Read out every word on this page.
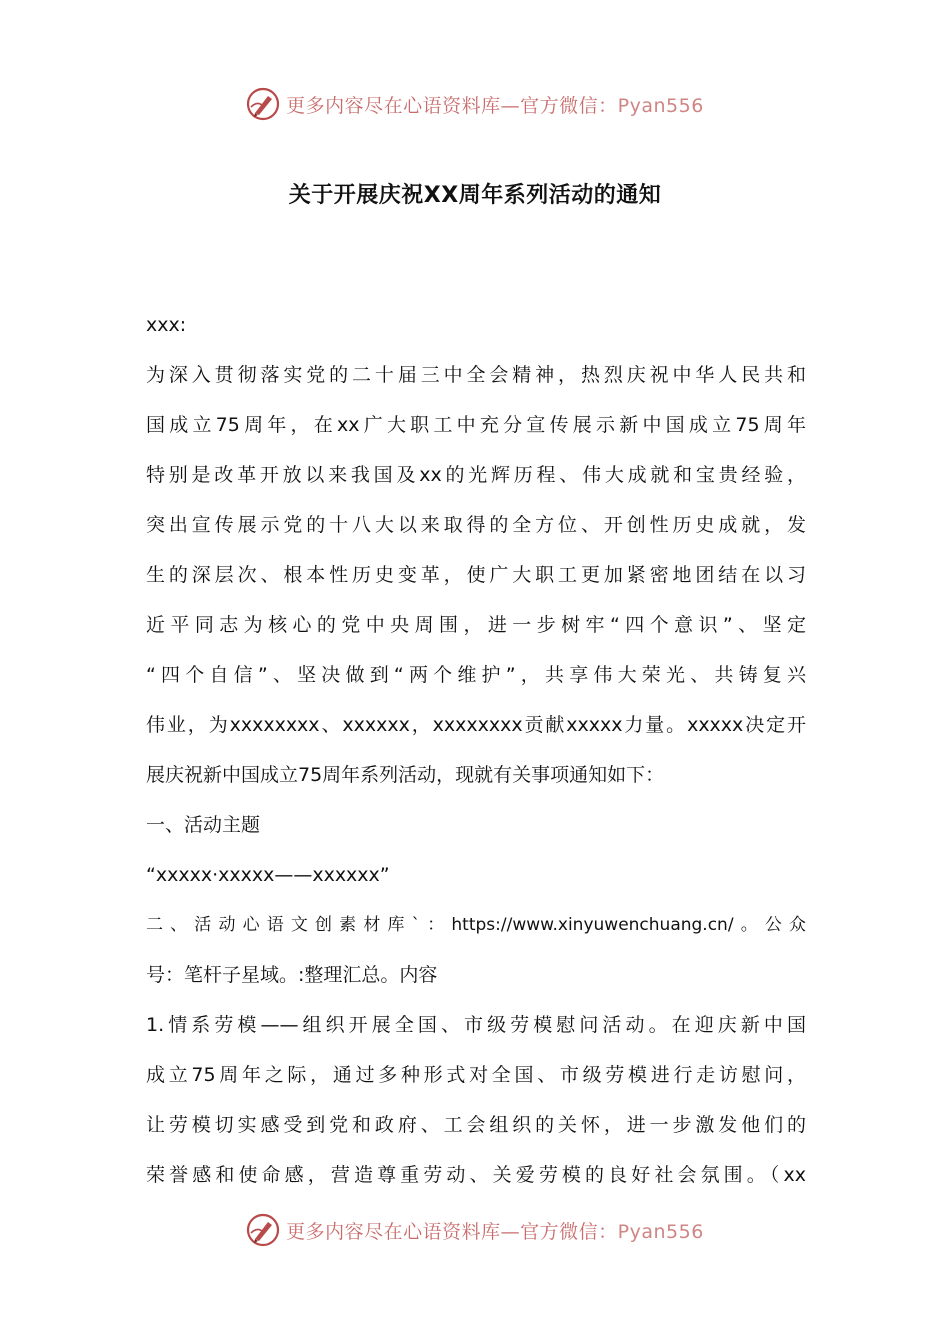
更多内容尽在心语资料库—官方微信：Pyan556
关于开展庆祝XX周年系列活动的通知
xxx:
为深入贯彻落实党的二十届三中全会精神，热烈庆祝中华人民共和
国成立75周年，在xx广大职工中充分宣传展示新中国成立75周年
特别是改革开放以来我国及xx的光辉历程、伟大成就和宝贵经验，
突出宣传展示党的十八大以来取得的全方位、开创性历史成就，发
生的深层次、根本性历史变革，使广大职工更加紧密地团结在以习
近平同志为核心的党中央周围，进一步树牢“四个意识”、坚定
“四个自信”、坚决做到“两个维护”，共享伟大荣光、共铸复兴
伟业，为xxxxxxxx、xxxxxx，xxxxxxxx贡献xxxxx力量。xxxxx决定开
展庆祝新中国成立75周年系列活动，现就有关事项通知如下：
一、活动主题
“xxxxx·xxxxx——xxxxxx”
二、活动心语文创素材库`：https://www.xinyuwenchuang.cn/。公众
号：笔杆子星域。:整理汇总。内容
1.情系劳模——组织开展全国、市级劳模慰问活动。在迎庆新中国
成立75周年之际，通过多种形式对全国、市级劳模进行走访慰问，
让劳模切实感受到党和政府、工会组织的关怀，进一步激发他们的
荣誉感和使命感，营造尊重劳动、关爱劳模的良好社会氛围。（xx
更多内容尽在心语资料库—官方微信：Pyan556
